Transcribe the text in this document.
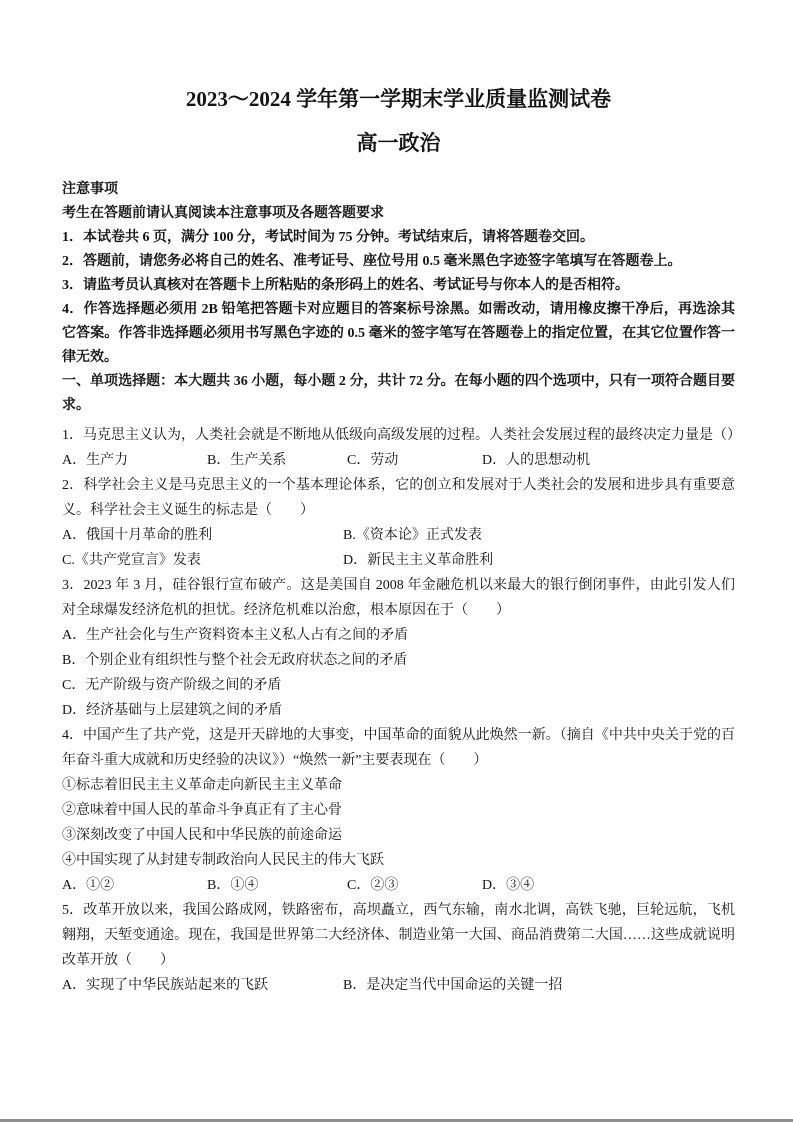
2023～2024 学年第一学期末学业质量监测试卷
高一政治

注意事项

考生在答题前请认真阅读本注意事项及各题答题要求

1．本试卷共 6 页，满分 100 分，考试时间为 75 分钟。考试结束后，请将答题卷交回。

2．答题前，请您务必将自己的姓名、准考证号、座位号用 0.5 毫米黑色字迹签字笔填写在答题卷上。

3．请监考员认真核对在答题卡上所粘贴的条形码上的姓名、考试证号与你本人的是否相符。

4．作答选择题必须用 2B 铅笔把答题卡对应题目的答案标号涂黑。如需改动，请用橡皮擦干净后，再选涂其它答案。作答非选择题必须用书写黑色字迹的 0.5 毫米的签字笔写在答题卷上的指定位置，在其它位置作答一律无效。

一、单项选择题：本大题共 36 小题，每小题 2 分，共计 72 分。在每小题的四个选项中，只有一项符合题目要求。

1．马克思主义认为，人类社会就是不断地从低级向高级发展的过程。人类社会发展过程的最终决定力量是（）

A．生产力	B．生产关系	C．劳动	D．人的思想动机

2．科学社会主义是马克思主义的一个基本理论体系，它的创立和发展对于人类社会的发展和进步具有重要意义。科学社会主义诞生的标志是（　　）

A．俄国十月革命的胜利	B.《资本论》正式发表
C.《共产党宣言》发表	D．新民主主义革命胜利

3．2023 年 3 月，硅谷银行宣布破产。这是美国自 2008 年金融危机以来最大的银行倒闭事件，由此引发人们对全球爆发经济危机的担忧。经济危机难以治愈，根本原因在于（　　）

A．生产社会化与生产资料资本主义私人占有之间的矛盾

B．个别企业有组织性与整个社会无政府状态之间的矛盾

C．无产阶级与资产阶级之间的矛盾

D．经济基础与上层建筑之间的矛盾

4．中国产生了共产党，这是开天辟地的大事变，中国革命的面貌从此焕然一新。（摘自《中共中央关于党的百年奋斗重大成就和历史经验的决议》）“焕然一新”主要表现在（　　）

①标志着旧民主主义革命走向新民主主义革命

②意味着中国人民的革命斗争真正有了主心骨

③深刻改变了中国人民和中华民族的前途命运

④中国实现了从封建专制政治向人民民主的伟大飞跃

A．①②	B．①④	C．②③	D．③④

5．改革开放以来，我国公路成网，铁路密布，高坝矗立，西气东输，南水北调，高铁飞驰，巨轮远航，飞机翱翔，天堑变通途。现在，我国是世界第二大经济体、制造业第一大国、商品消费第二大国……这些成就说明改革开放（　　）

A．实现了中华民族站起来的飞跃	B．是决定当代中国命运的关键一招
